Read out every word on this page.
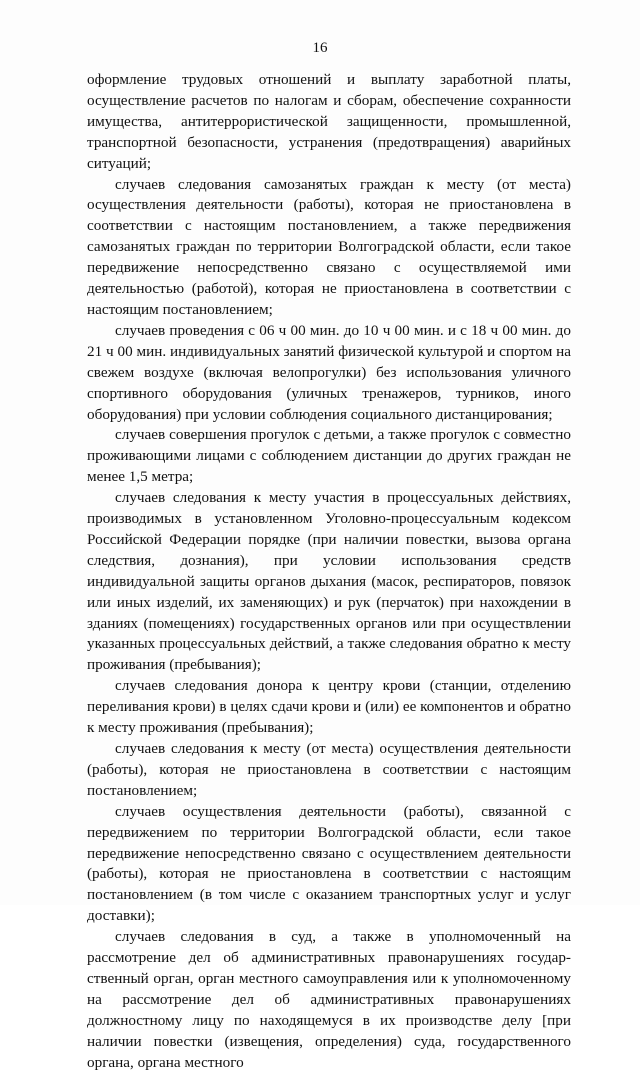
16

оформление трудовых отношений и выплату заработной платы, осуществление расчетов по налогам и сборам, обеспечение сохранности имущества, антитеррористической защищенности, промышленной, транспортной безопасности, устранения (предотвращения) аварийных ситуаций;

случаев следования самозанятых граждан к месту (от места) осуществления деятельности (работы), которая не приостановлена в соответствии с настоящим постановлением, а также передвижения самозанятых граждан по территории Волгоградской области, если такое передвижение непосредственно связано с осуществляемой ими деятельностью (работой), которая не приостановлена в соответствии с настоящим постановлением;

случаев проведения с 06 ч 00 мин. до 10 ч 00 мин. и с 18 ч 00 мин. до 21 ч 00 мин. индивидуальных занятий физической культурой и спортом на свежем воздухе (включая велопрогулки) без использования уличного спортивного оборудования (уличных тренажеров, турников, иного оборудования) при условии соблюдения социального дистанцирования;

случаев совершения прогулок с детьми, а также прогулок с совместно проживающими лицами с соблюдением дистанции до других граждан не менее 1,5 метра;

случаев следования к месту участия в процессуальных действиях, производимых в установленном Уголовно-процессуальным кодексом Российской Федерации порядке (при наличии повестки, вызова органа следствия, дознания), при условии использования средств индивидуальной защиты органов дыхания (масок, респираторов, повязок или иных изделий, их заменяющих) и рук (перчаток) при нахождении в зданиях (помещениях) государственных органов или при осуществлении указанных процессуальных действий, а также следования обратно к месту проживания (пребывания);

случаев следования донора к центру крови (станции, отделению переливания крови) в целях сдачи крови и (или) ее компонентов и обратно к месту проживания (пребывания);

случаев следования к месту (от места) осуществления деятельности (работы), которая не приостановлена в соответствии с настоящим постановлением;

случаев осуществления деятельности (работы), связанной с передвижением по территории Волгоградской области, если такое передвижение непосредственно связано с осуществлением деятельности (работы), которая не приостановлена в соответствии с настоящим постановлением (в том числе с оказанием транспортных услуг и услуг доставки);

случаев следования в суд, а также в уполномоченный на рассмотрение дел об административных правонарушениях государ-ственный орган, орган местного самоуправления или к уполномоченному на рассмотрение дел об административных правонарушениях должностному лицу по находящемуся в их производстве делу [при наличии повестки (извещения, определения) суда, государственного органа, органа местного
